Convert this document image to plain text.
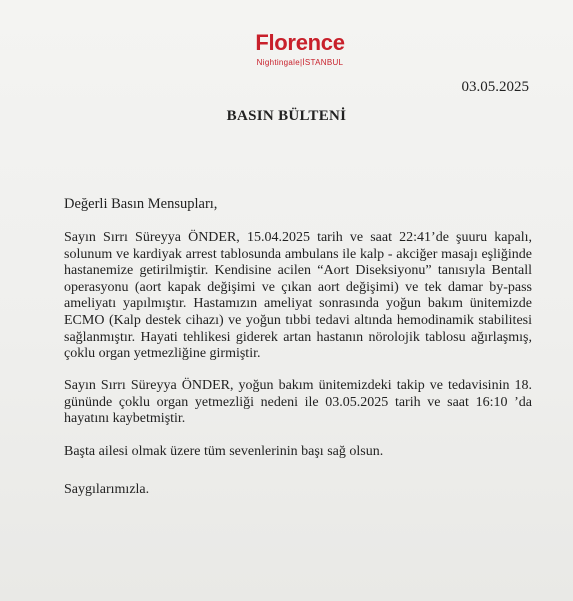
Florence
Nightingale|İSTANBUL
03.05.2025
BASIN BÜLTENİ
Değerli Basın Mensupları,

Sayın Sırrı Süreyya ÖNDER, 15.04.2025 tarih ve saat 22:41’de şuuru kapalı, solunum ve kardiyak arrest tablosunda ambulans ile kalp - akciğer masajı eşliğinde hastanemize getirilmiştir. Kendisine acilen “Aort Diseksiyonu” tanısıyla Bentall operasyonu (aort kapak değişimi ve çıkan aort değişimi) ve tek damar by-pass ameliyatı yapılmıştır. Hastamızın ameliyat sonrasında yoğun bakım ünitemizde ECMO (Kalp destek cihazı) ve yoğun tıbbi tedavi altında hemodinamik stabilitesi sağlanmıştır. Hayati tehlikesi giderek artan hastanın nörolojik tablosu ağırlaşmış, çoklu organ yetmezliğine girmiştir.

Sayın Sırrı Süreyya ÖNDER, yoğun bakım ünitemizdeki takip ve tedavisinin 18. gününde çoklu organ yetmezliği nedeni ile 03.05.2025 tarih ve saat 16:10 ’da hayatını kaybetmiştir.

Başta ailesi olmak üzere tüm sevenlerinin başı sağ olsun.

Saygılarımızla.
